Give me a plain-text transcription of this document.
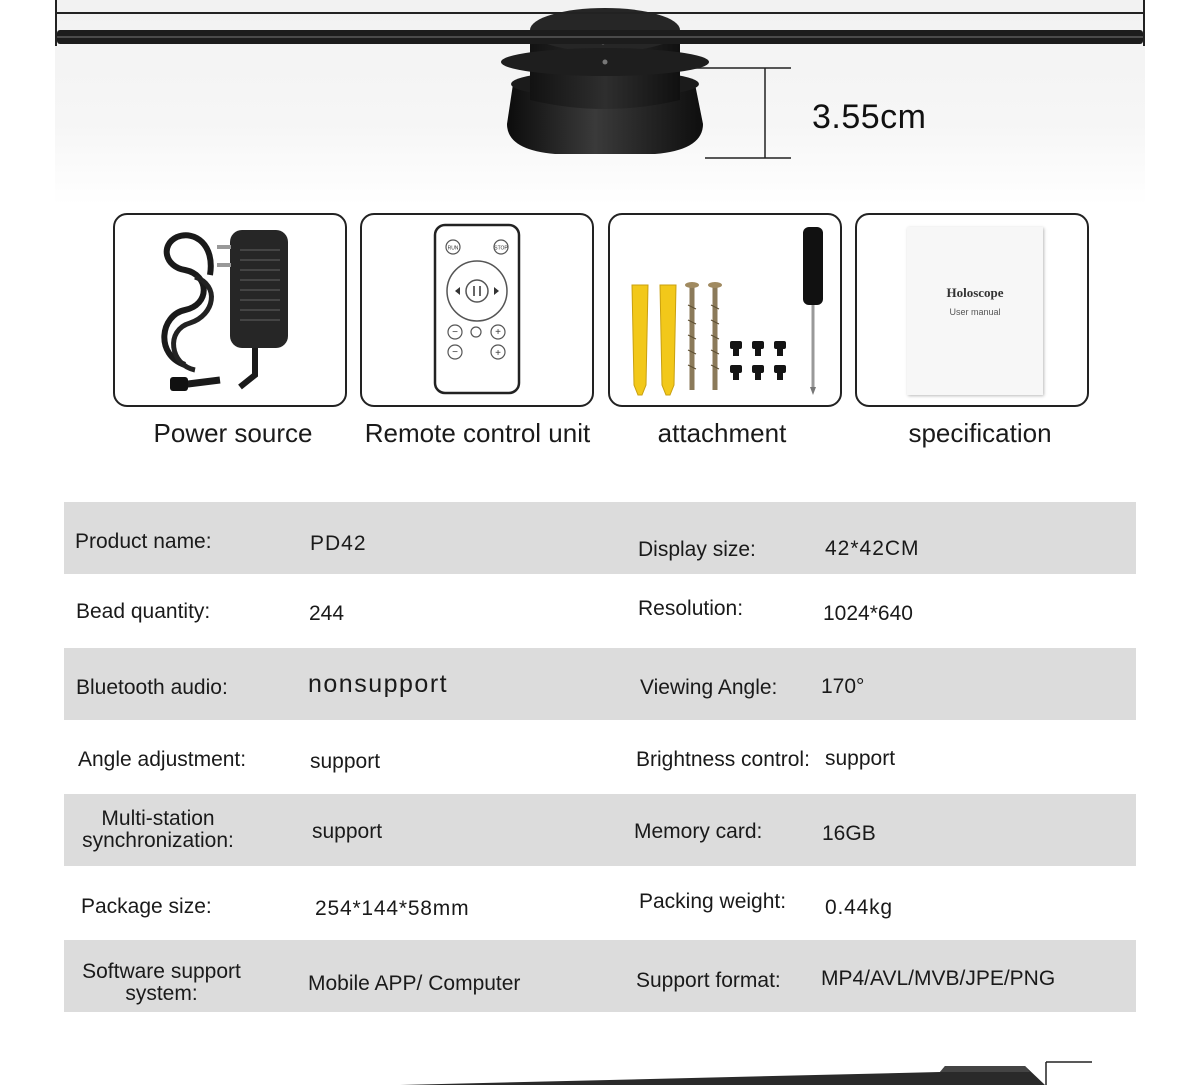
3.55cm
Power source
RUN	STOP
+
+
−
−
Remote control unit	attachment
Holoscope
User manual
specification
Product name:	PD42	Display size:	42*42CM
Bead quantity:	244	Resolution:	1024*640
Bluetooth audio:	nonsupport	Viewing Angle: 170°
Angle adjustment:	support	Brightness control: support
Multi-station
synchronization:	support	Memory card:	16GB
Package size:	254*144*58mm	Packing weight: 0.44kg
Software support
system:	Mobile APP/ Computer	Support format: MP4/AVL/MVB/JPE/PNG
